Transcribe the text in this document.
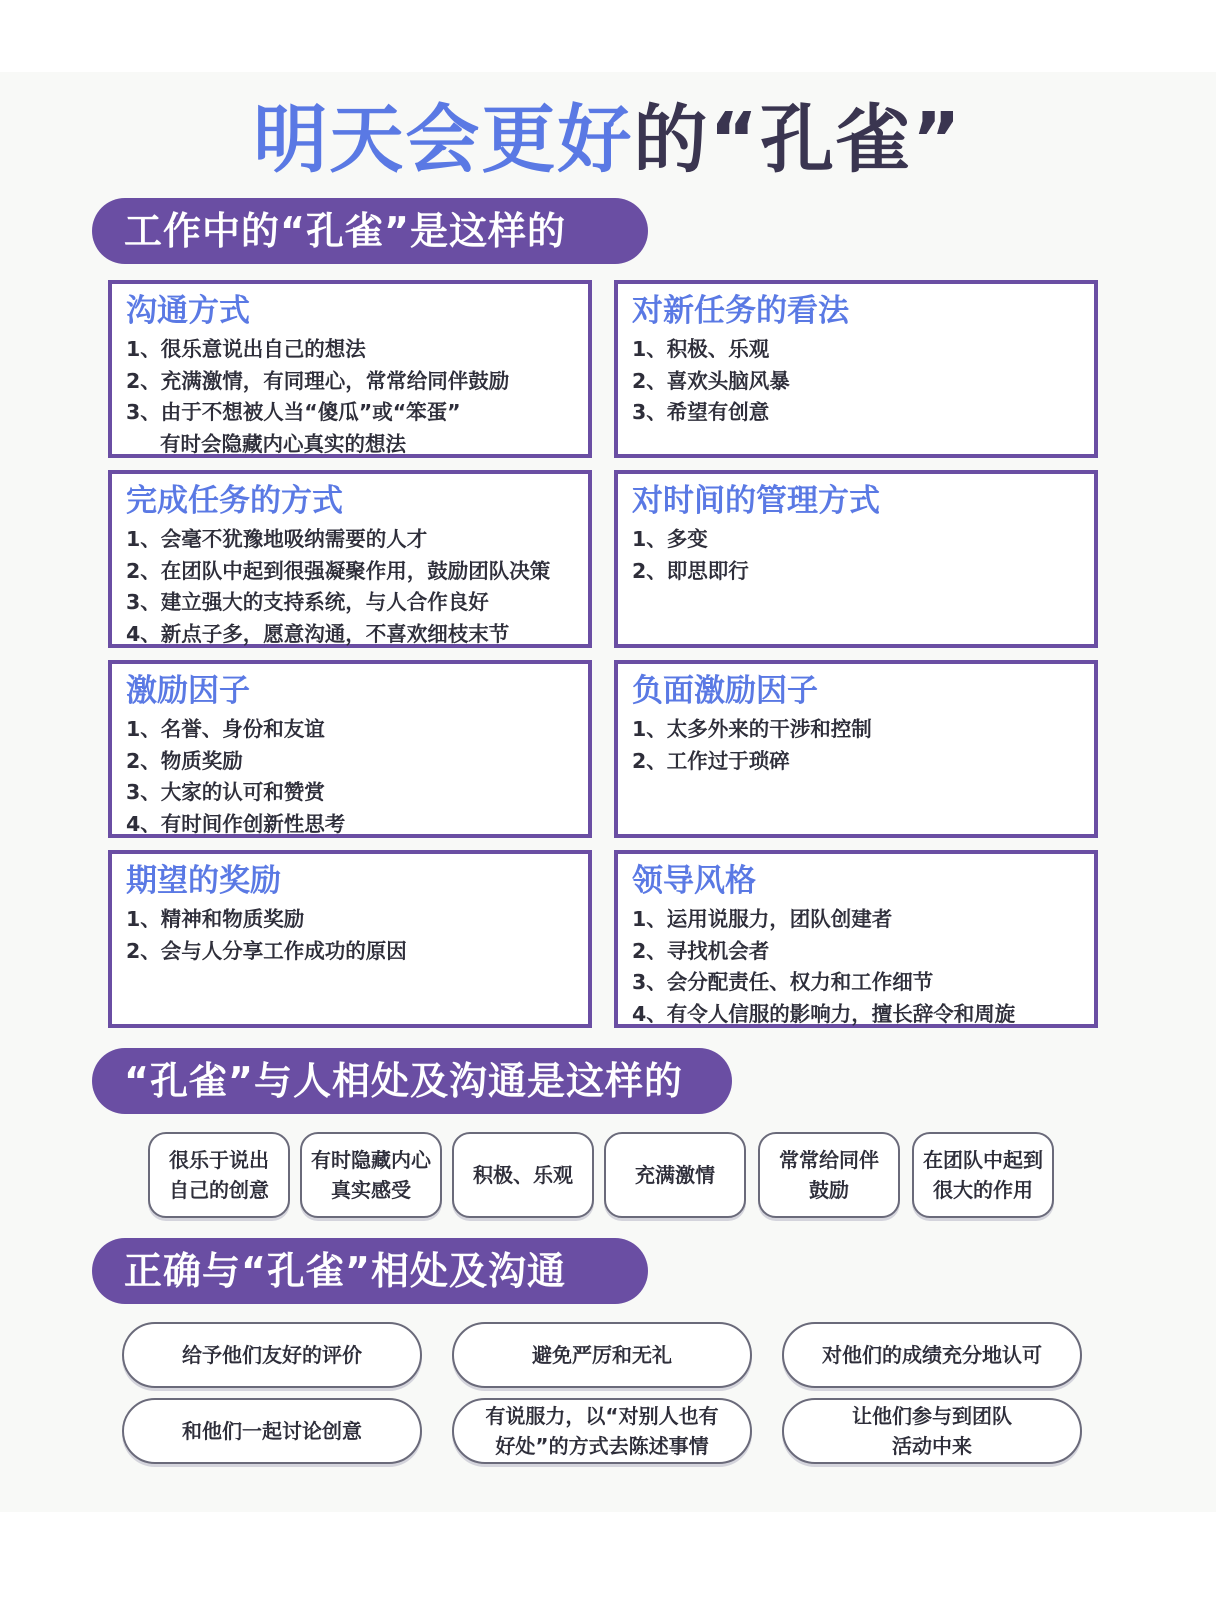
明天会更好的“孔雀”
工作中的“孔雀”是这样的
沟通方式
1、很乐意说出自己的想法
2、充满激情，有同理心，常常给同伴鼓励
3、由于不想被人当“傻瓜”或“笨蛋”
有时会隐藏内心真实的想法
对新任务的看法
1、积极、乐观
2、喜欢头脑风暴
3、希望有创意
完成任务的方式
1、会毫不犹豫地吸纳需要的人才
2、在团队中起到很强凝聚作用，鼓励团队决策
3、建立强大的支持系统，与人合作良好
4、新点子多，愿意沟通，不喜欢细枝末节
对时间的管理方式
1、多变
2、即思即行
激励因子
1、名誉、身份和友谊
2、物质奖励
3、大家的认可和赞赏
4、有时间作创新性思考
负面激励因子
1、太多外来的干涉和控制
2、工作过于琐碎
期望的奖励
1、精神和物质奖励
2、会与人分享工作成功的原因
领导风格
1、运用说服力，团队创建者
2、寻找机会者
3、会分配责任、权力和工作细节
4、有令人信服的影响力，擅长辞令和周旋
“孔雀”与人相处及沟通是这样的
很乐于说出
自己的创意
有时隐藏内心
真实感受
积极、乐观	充满激情
常常给同伴
鼓励
在团队中起到
很大的作用
正确与“孔雀”相处及沟通
给予他们友好的评价	避免严厉和无礼	对他们的成绩充分地认可
和他们一起讨论创意
有说服力，以“对别人也有
好处”的方式去陈述事情
让他们参与到团队
活动中来
